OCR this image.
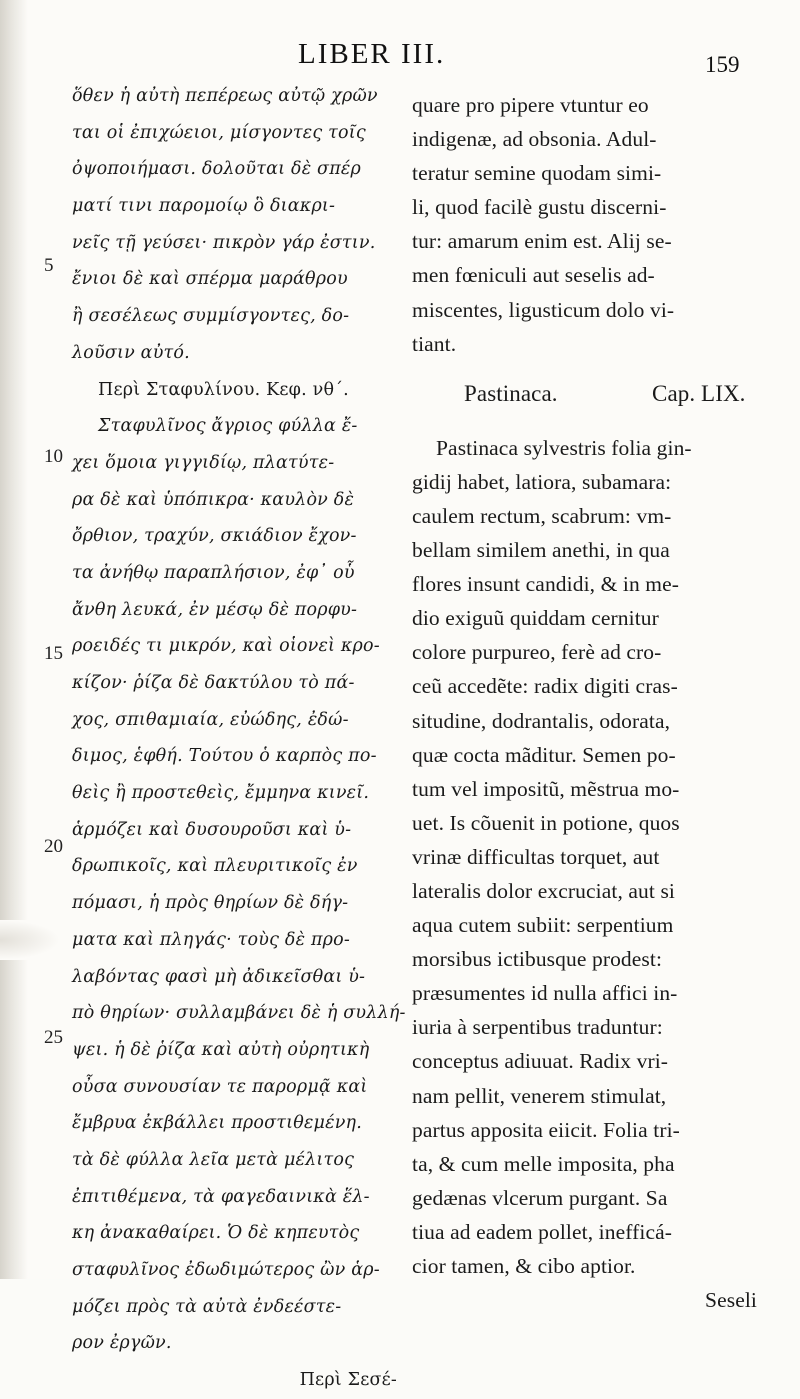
LIBER III.	159
5
10
15
20
25
ὅθεν ἡ αὐτὴ πεπέρεως αὐτῷ χρῶν
ται οἱ ἐπιχώειοι, μίσγοντες τοῖς
ὀψοποιήμασι. δολοῦται δὲ σπέρ
ματί τινι παρομοίῳ ὃ διακρι-
νεῖς τῇ γεύσει· πικρὸν γάρ ἐστιν.
ἔνιοι δὲ καὶ σπέρμα μαράθρου
ἢ σεσέλεως συμμίσγοντες, δο-
λοῦσιν αὐτό.
Περὶ Σταφυλίνου. Κεφ. νθ΄.
Σταφυλῖνος ἄγριος φύλλα ἔ-
χει ὅμοια γιγγιδίῳ, πλατύτε-
ρα δὲ καὶ ὑπόπικρα· καυλὸν δὲ
ὄρθιον, τραχύν, σκιάδιον ἔχον-
τα ἀνήθῳ παραπλήσιον, ἐφ᾽ οὗ
ἄνθη λευκά, ἐν μέσῳ δὲ πορφυ-
ροειδές τι μικρόν, καὶ οἱονεὶ κρο-
κίζον· ῥίζα δὲ δακτύλου τὸ πά-
χος, σπιθαμιαία, εὐώδης, ἐδώ-
διμος, ἑφθή. Τούτου ὁ καρπὸς πο-
θεὶς ἢ προστεθεὶς, ἔμμηνα κινεῖ.
ἁρμόζει καὶ δυσουροῦσι καὶ ὑ-
δρωπικοῖς, καὶ πλευριτικοῖς ἐν
πόμασι, ἡ πρὸς θηρίων δὲ δήγ-
ματα καὶ πληγάς· τοὺς δὲ προ-
λαβόντας φασὶ μὴ ἀδικεῖσθαι ὑ-
πὸ θηρίων· συλλαμβάνει δὲ ἡ συλλή-
ψει. ἡ δὲ ῥίζα καὶ αὐτὴ οὐρητικὴ
οὖσα συνουσίαν τε παρορμᾷ καὶ
ἔμβρυα ἐκβάλλει προστιθεμένη.
τὰ δὲ φύλλα λεῖα μετὰ μέλιτος
ἐπιτιθέμενα, τὰ φαγεδαινικὰ ἕλ-
κη ἀνακαθαίρει. Ὁ δὲ κηπευτὸς
σταφυλῖνος ἐδωδιμώτερος ὢν ἁρ-
μόζει πρὸς τὰ αὐτὰ ἐνδεέστε-
ρον ἐργῶν.
Περὶ Σεσέ-
quare pro pipere vtuntur eo
indigenæ, ad obsonia. Adul-
teratur semine quodam simi-
li, quod facilè gustu discerni-
tur: amarum enim est. Alij se-
men fœniculi aut seselis ad-
miscentes, ligusticum dolo vi-
tiant.
Pastinaca.	Cap. LIX.
Pastinaca sylvestris folia gin-
gidij habet, latiora, subamara:
caulem rectum, scabrum: vm-
bellam similem anethi, in qua
flores insunt candidi, & in me-
dio exiguũ quiddam cernitur
colore purpureo, ferè ad cro-
ceũ accedẽte: radix digiti cras-
situdine, dodrantalis, odorata,
quæ cocta mãditur. Semen po-
tum vel impositũ, mẽstrua mo-
uet. Is cõuenit in potione, quos
vrinæ difficultas torquet, aut
lateralis dolor excruciat, aut si
aqua cutem subiit: serpentium
morsibus ictibusque prodest:
præsumentes id nulla affici in-
iuria à serpentibus traduntur:
conceptus adiuuat. Radix vri-
nam pellit, venerem stimulat,
partus apposita eiicit. Folia tri-
ta, & cum melle imposita, pha
gedænas vlcerum purgant. Sa
tiua ad eadem pollet, inefficá-
cior tamen, & cibo aptior.
Seseli
